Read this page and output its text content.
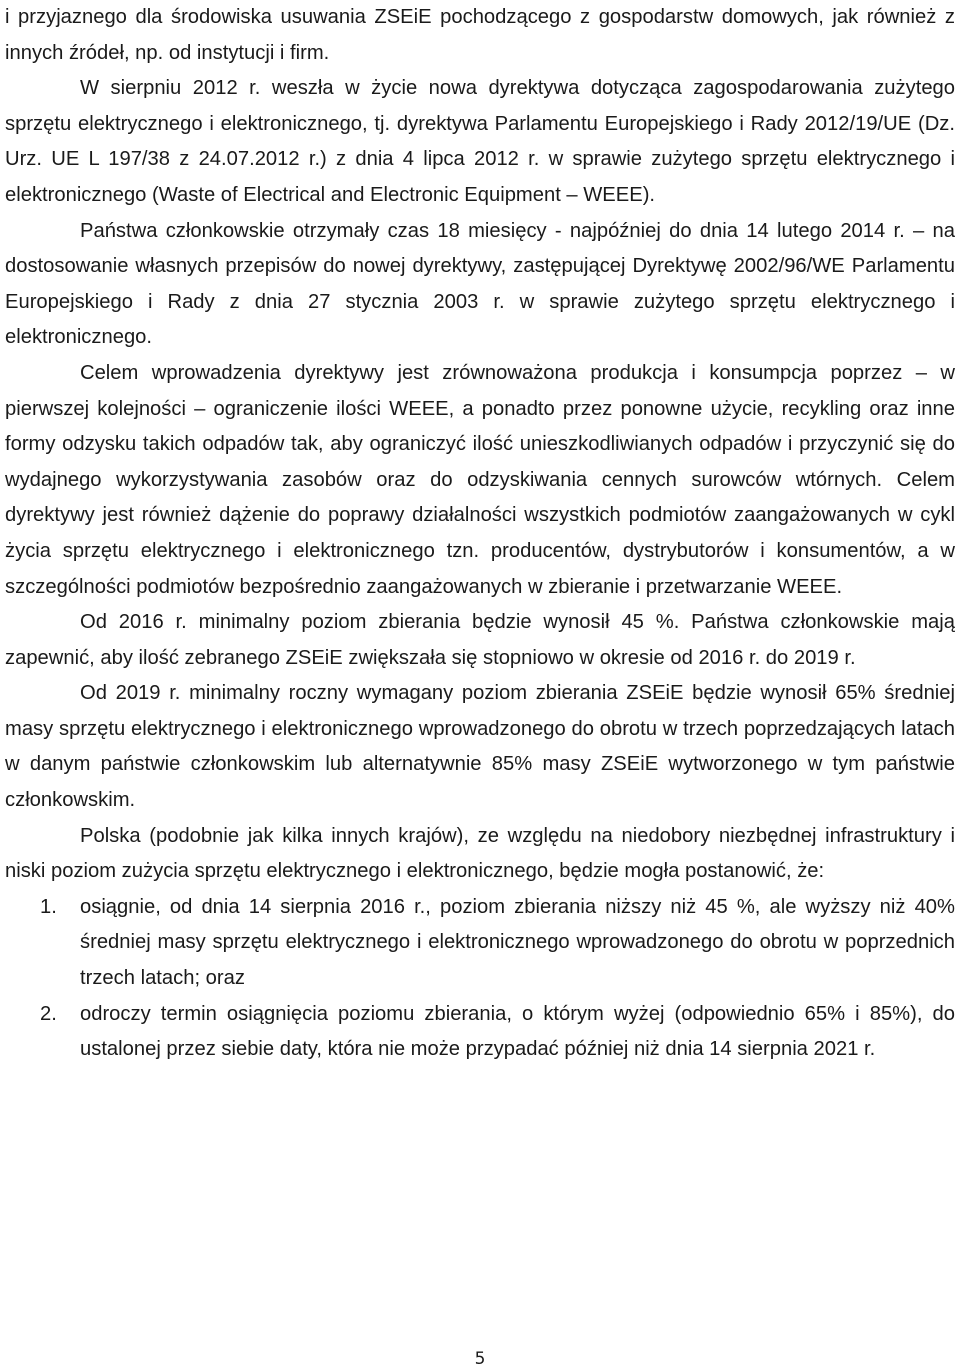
i przyjaznego dla środowiska usuwania ZSEiE pochodzącego z gospodarstw domowych, jak również z innych źródeł, np. od instytucji i firm.

W sierpniu 2012 r. weszła w życie nowa dyrektywa dotycząca zagospodarowania zużytego sprzętu elektrycznego i elektronicznego, tj. dyrektywa Parlamentu Europejskiego i Rady 2012/19/UE (Dz. Urz. UE L 197/38 z 24.07.2012 r.) z dnia 4 lipca 2012 r. w sprawie zużytego sprzętu elektrycznego i elektronicznego (Waste of Electrical and Electronic Equipment – WEEE).

Państwa członkowskie otrzymały czas 18 miesięcy - najpóźniej do dnia 14 lutego 2014 r. – na dostosowanie własnych przepisów do nowej dyrektywy, zastępującej Dyrektywę 2002/96/WE Parlamentu Europejskiego i Rady z dnia 27 stycznia 2003 r. w sprawie zużytego sprzętu elektrycznego i elektronicznego.

Celem wprowadzenia dyrektywy jest zrównoważona produkcja i konsumpcja poprzez – w pierwszej kolejności – ograniczenie ilości WEEE, a ponadto przez ponowne użycie, recykling oraz inne formy odzysku takich odpadów tak, aby ograniczyć ilość unieszkodliwianych odpadów i przyczynić się do wydajnego wykorzystywania zasobów oraz do odzyskiwania cennych surowców wtórnych. Celem dyrektywy jest również dążenie do poprawy działalności wszystkich podmiotów zaangażowanych w cykl życia sprzętu elektrycznego i elektronicznego tzn. producentów, dystrybutorów i konsumentów, a w szczególności podmiotów bezpośrednio zaangażowanych w zbieranie i przetwarzanie WEEE.

Od 2016 r. minimalny poziom zbierania będzie wynosił 45 %. Państwa członkowskie mają zapewnić, aby ilość zebranego ZSEiE zwiększała się stopniowo w okresie od 2016 r. do 2019 r.

Od 2019 r. minimalny roczny wymagany poziom zbierania ZSEiE będzie wynosił 65% średniej masy sprzętu elektrycznego i elektronicznego wprowadzonego do obrotu w trzech poprzedzających latach w danym państwie członkowskim lub alternatywnie 85% masy ZSEiE wytworzonego w tym państwie członkowskim.

Polska (podobnie jak kilka innych krajów), ze względu na niedobory niezbędnej infrastruktury i niski poziom zużycia sprzętu elektrycznego i elektronicznego, będzie mogła postanowić, że:

1. osiągnie, od dnia 14 sierpnia 2016 r., poziom zbierania niższy niż 45 %, ale wyższy niż 40% średniej masy sprzętu elektrycznego i elektronicznego wprowadzonego do obrotu w poprzednich trzech latach; oraz
2. odroczy termin osiągnięcia poziomu zbierania, o którym wyżej (odpowiednio 65% i 85%), do ustalonej przez siebie daty, która nie może przypadać później niż dnia 14 sierpnia 2021 r.
5
